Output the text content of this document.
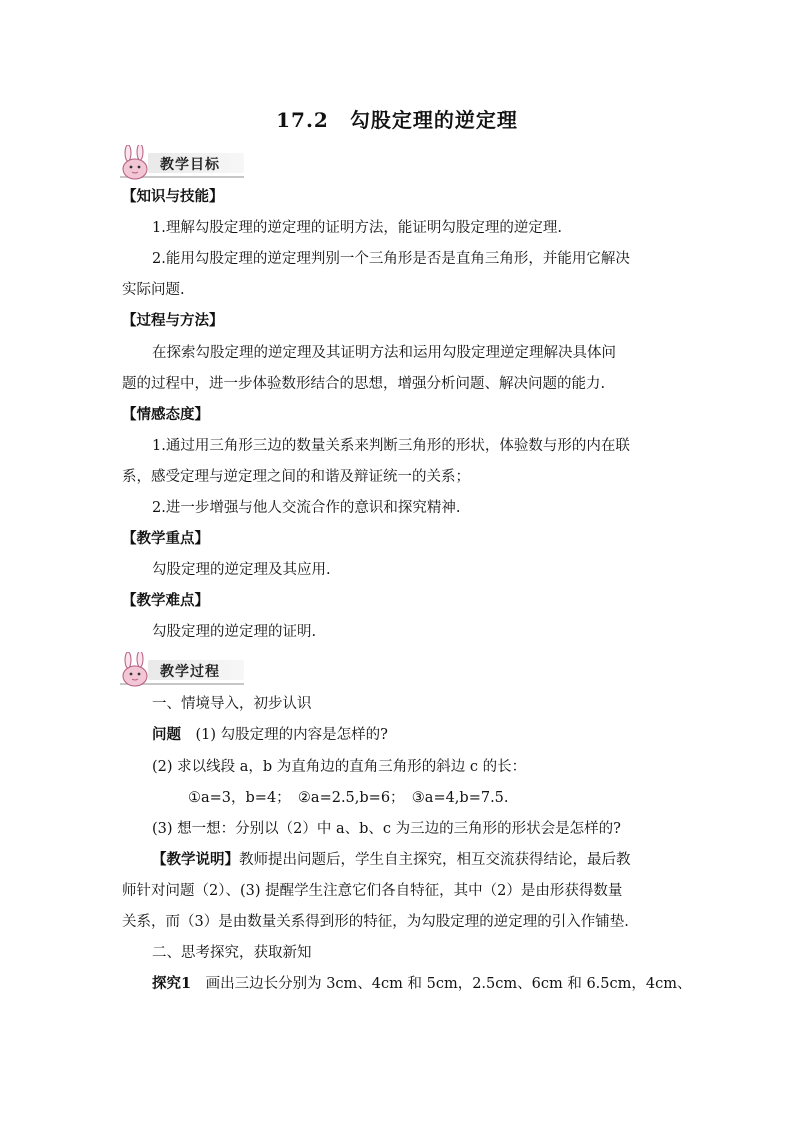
17.2　勾股定理的逆定理
教学目标
【知识与技能】
1.理解勾股定理的逆定理的证明方法，能证明勾股定理的逆定理.
2.能用勾股定理的逆定理判别一个三角形是否是直角三角形，并能用它解决
实际问题.
【过程与方法】
在探索勾股定理的逆定理及其证明方法和运用勾股定理逆定理解决具体问
题的过程中，进一步体验数形结合的思想，增强分析问题、解决问题的能力.
【情感态度】
1.通过用三角形三边的数量关系来判断三角形的形状，体验数与形的内在联
系，感受定理与逆定理之间的和谐及辩证统一的关系；
2.进一步增强与他人交流合作的意识和探究精神.
【教学重点】
勾股定理的逆定理及其应用.
【教学难点】
勾股定理的逆定理的证明.
教学过程
一、情境导入，初步认识
问题　(1) 勾股定理的内容是怎样的?
(2) 求以线段 a，b 为直角边的直角三角形的斜边 c 的长：
①a=3，b=4；　②a=2.5,b=6；　③a=4,b=7.5.
(3) 想一想：分别以（2）中 a、b、c 为三边的三角形的形状会是怎样的?
【教学说明】教师提出问题后，学生自主探究，相互交流获得结论，最后教
师针对问题（2）、(3) 提醒学生注意它们各自特征，其中（2）是由形获得数量
关系，而（3）是由数量关系得到形的特征，为勾股定理的逆定理的引入作铺垫.
二、思考探究，获取新知
探究1　画出三边长分别为 3cm、4cm 和 5cm，2.5cm、6cm 和 6.5cm，4cm、
